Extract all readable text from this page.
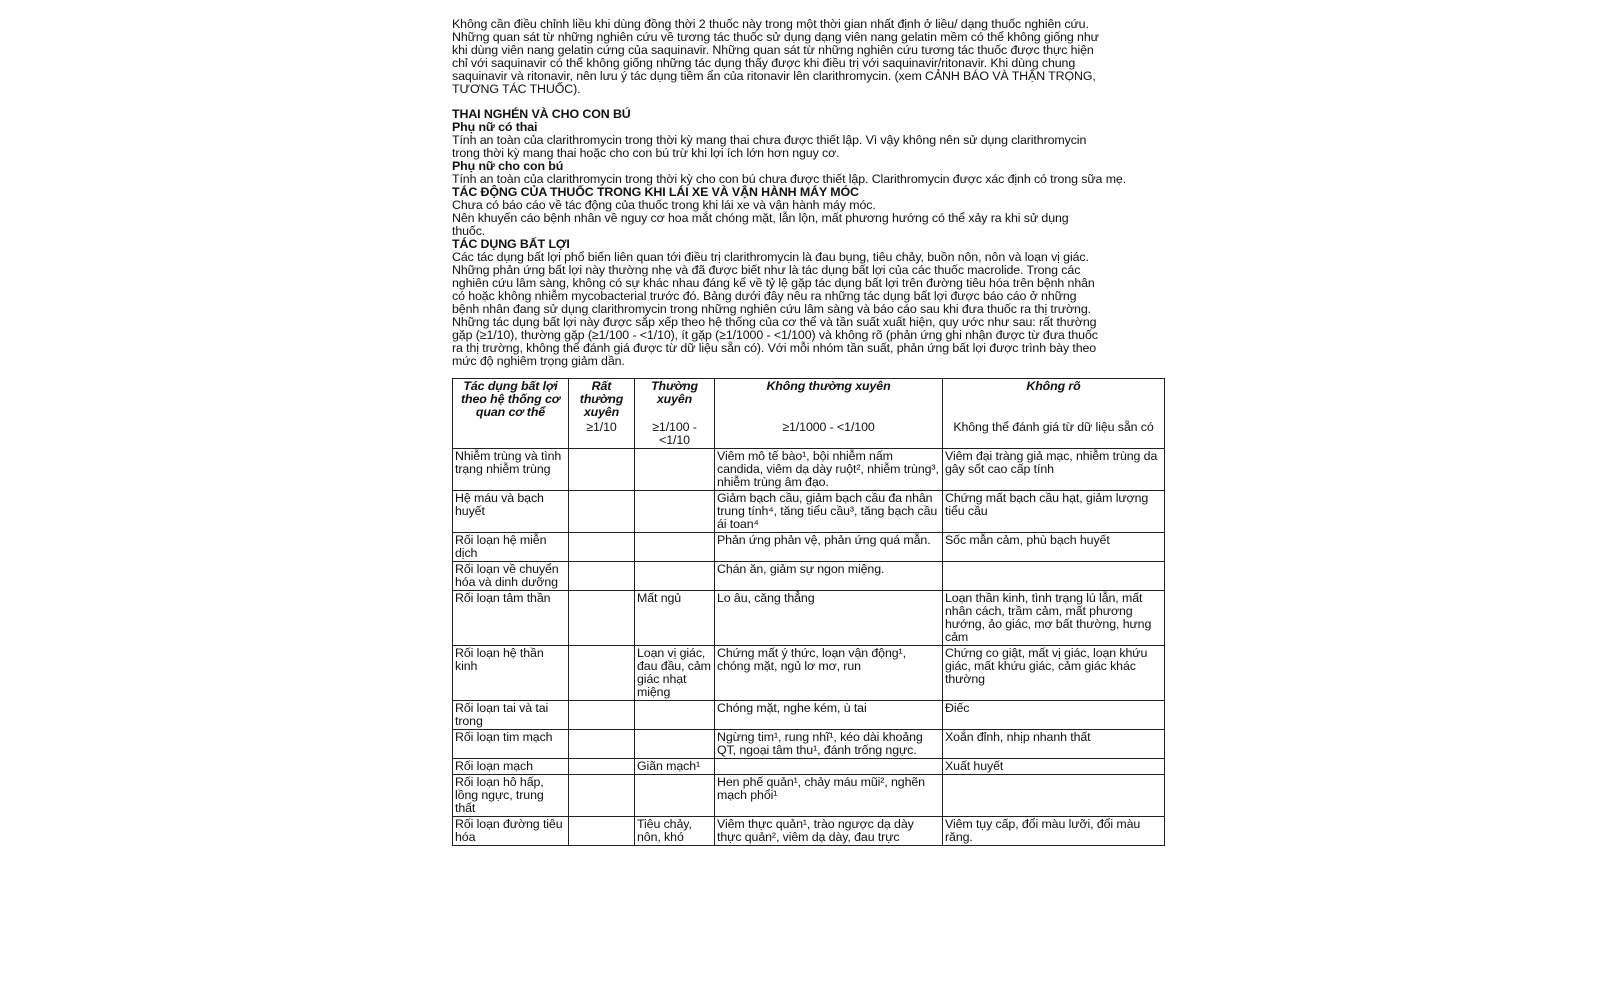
Không cần điều chỉnh liều khi dùng đồng thời 2 thuốc này trong một thời gian nhất định ở liều/ dạng thuốc nghiên cứu.

Những quan sát từ những nghiên cứu về tương tác thuốc sử dụng dạng viên nang gelatin mềm có thể không giống như

khi dùng viên nang gelatin cứng của saquinavir. Những quan sát từ những nghiên cứu tương tác thuốc được thực hiện

chỉ với saquinavir có thể không giống những tác dụng thấy được khi điều trị với saquinavir/ritonavir. Khi dùng chung

saquinavir và ritonavir, nên lưu ý tác dụng tiềm ẩn của ritonavir lên clarithromycin. (xem CẢNH BÁO VÀ THẬN TRỌNG,

TƯƠNG TÁC THUỐC).

THAI NGHÉN VÀ CHO CON BÚ

Phụ nữ có thai

Tính an toàn của clarithromycin trong thời kỳ mang thai chưa được thiết lập. Vì vậy không nên sử dụng clarithromycin

trong thời kỳ mang thai hoặc cho con bú trừ khi lợi ích lớn hơn nguy cơ.

Phụ nữ cho con bú

Tính an toàn của clarithromycin trong thời kỳ cho con bú chưa được thiết lập. Clarithromycin được xác định có trong sữa mẹ.

TÁC ĐỘNG CỦA THUỐC TRONG KHI LÁI XE VÀ VẬN HÀNH MÁY MÓC

Chưa có báo cáo về tác động của thuốc trong khi lái xe và vận hành máy móc.

Nên khuyến cáo bệnh nhân về nguy cơ hoa mắt chóng mặt, lẫn lộn, mất phương hướng có thể xảy ra khi sử dụng

thuốc.

TÁC DỤNG BẤT LỢI

Các tác dụng bất lợi phổ biến liên quan tới điều trị clarithromycin là đau bụng, tiêu chảy, buồn nôn, nôn và loạn vị giác.

Những phản ứng bất lợi này thường nhẹ và đã được biết như là tác dụng bất lợi của các thuốc macrolide. Trong các

nghiên cứu lâm sàng, không có sự khác nhau đáng kể về tỷ lệ gặp tác dụng bất lợi trên đường tiêu hóa trên bệnh nhân

có hoặc không nhiễm mycobacterial trước đó. Bảng dưới đây nêu ra những tác dụng bất lợi được báo cáo ở những

bệnh nhân đang sử dụng clarithromycin trong những nghiên cứu lâm sàng và báo cáo sau khi đưa thuốc ra thị trường.

Những tác dụng bất lợi này được sắp xếp theo hệ thống của cơ thể và tần suất xuất hiện, quy ước như sau: rất thường

gặp (≥1/10), thường gặp (≥1/100 - <1/10), ít gặp (≥1/1000 - <1/100) và không rõ (phản ứng ghi nhận được từ đưa thuốc

ra thị trường, không thể đánh giá được từ dữ liệu sẵn có). Với mỗi nhóm tần suất, phản ứng bất lợi được trình bày theo

mức độ nghiêm trọng giảm dần.

Tác dụng bất lợi theo hệ thống cơ quan cơ thể	Rất thường xuyên	Thường xuyên	Không thường xuyên	Không rõ
	≥1/10	≥1/100 - <1/10	≥1/1000 - <1/100	Không thể đánh giá từ dữ liệu sẵn có
Nhiễm trùng và tình trạng nhiễm trùng			Viêm mô tế bào¹, bội nhiễm nấm candida, viêm dạ dày ruột², nhiễm trùng³, nhiễm trùng âm đạo.	Viêm đại tràng giả mạc, nhiễm trùng da gây sốt cao cấp tính
Hệ máu và bạch huyết			Giảm bạch cầu, giảm bạch cầu đa nhân trung tính⁴, tăng tiểu cầu³, tăng bạch cầu ái toan⁴	Chứng mất bạch cầu hạt, giảm lượng tiểu cầu
Rối loạn hệ miễn dịch			Phản ứng phản vệ, phản ứng quá mẫn.	Sốc mẫn cảm, phù bạch huyết
Rối loạn về chuyển hóa và dinh dưỡng			Chán ăn, giảm sự ngon miệng.	
Rối loạn tâm thần		Mất ngủ	Lo âu, căng thẳng	Loạn thần kinh, tình trạng lú lẫn, mất nhân cách, trầm cảm, mất phương hướng, ảo giác, mơ bất thường, hưng cảm
Rối loạn hệ thần kinh		Loạn vị giác, đau đầu, cảm giác nhạt miệng	Chứng mất ý thức, loạn vận động¹, chóng mặt, ngủ lơ mơ, run	Chứng co giật, mất vị giác, loạn khứu giác, mất khứu giác, cảm giác khác thường
Rối loạn tai và tai trong			Chóng mặt, nghe kém, ù tai	Điếc
Rối loạn tim mạch			Ngừng tim¹, rung nhĩ¹, kéo dài khoảng QT, ngoại tâm thu¹, đánh trống ngực.	Xoắn đỉnh, nhịp nhanh thất
Rối loạn mạch		Giãn mạch¹		Xuất huyết
Rối loạn hô hấp, lồng ngực, trung thất			Hen phế quản¹, chảy máu mũi², nghẽn mạch phổi¹	
Rối loạn đường tiêu hóa		Tiêu chảy, nôn, khó	Viêm thực quản¹, trào ngược dạ dày thực quản², viêm dạ dày, đau trực	Viêm tụy cấp, đổi màu lưỡi, đổi màu răng.
